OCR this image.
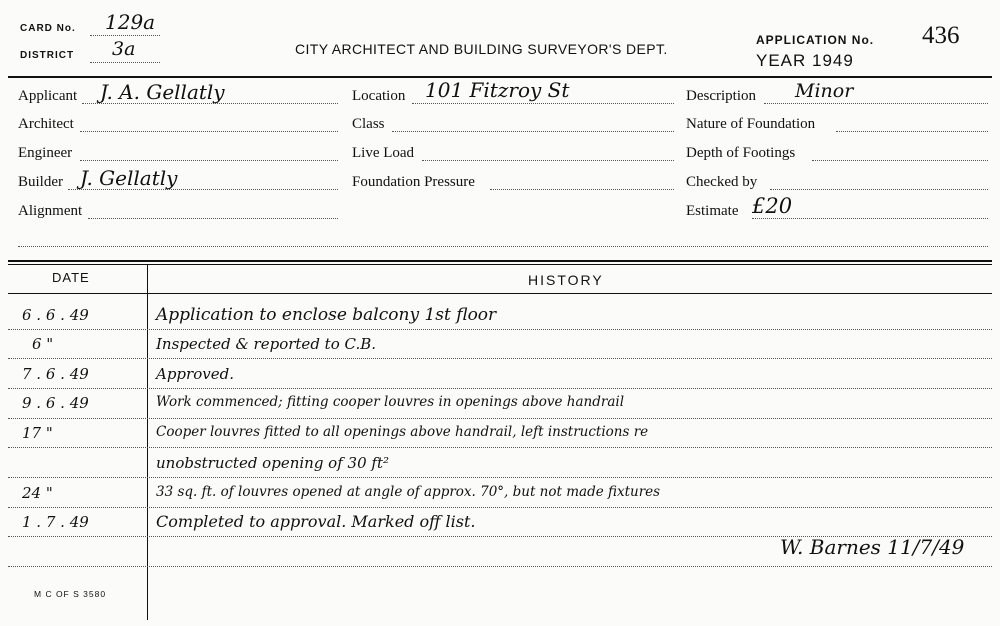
CARD No. 129a
DISTRICT 3a	CITY ARCHITECT AND BUILDING SURVEYOR'S DEPT.
APPLICATION No. 436
YEAR 1949
Applicant J. A. Gellatly
Architect
Engineer
Builder J. Gellatly
Alignment
Location 101 Fitzroy St
Class
Live Load
Foundation Pressure
Description Minor
Nature of Foundation
Depth of Footings
Checked by
Estimate £20
DATE	HISTORY
6 . 6 . 49	Application to enclose balcony 1st floor
6 "	Inspected & reported to C.B.
7 . 6 . 49	Approved.
9 . 6 . 49	Work commenced; fitting cooper louvres in openings above handrail
17 "	Cooper louvres fitted to all openings above handrail, left instructions re
unobstructed opening of 30 ft²
24 "	33 sq. ft. of louvres opened at angle of approx. 70°, but not made fixtures
1 . 7 . 49	Completed to approval. Marked off list.
W. Barnes 11/7/49
M C OF S 3580
